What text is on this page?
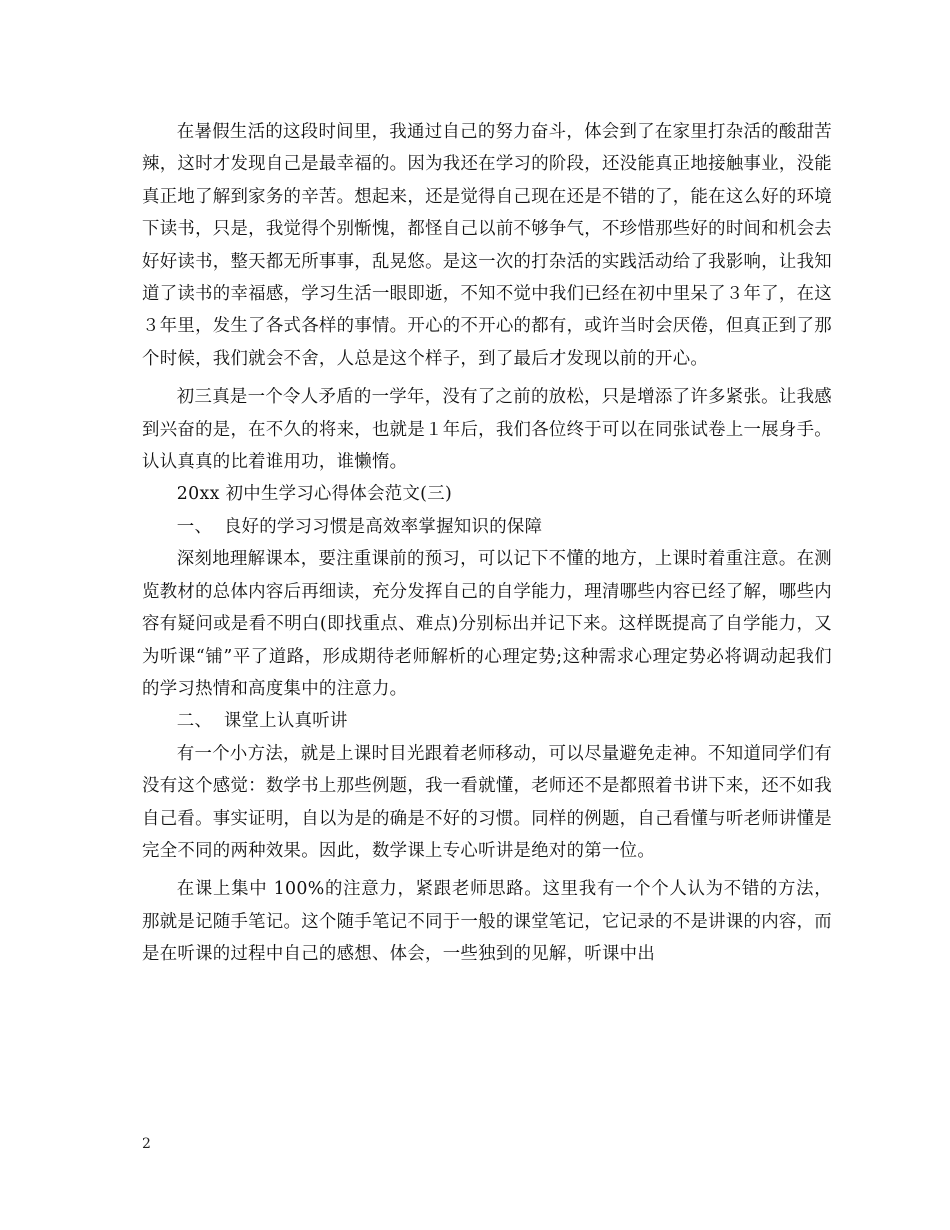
在暑假生活的这段时间里，我通过自己的努力奋斗，体会到了在家里打杂活的酸甜苦辣，这时才发现自己是最幸福的。因为我还在学习的阶段，还没能真正地接触事业，没能真正地了解到家务的辛苦。想起来，还是觉得自己现在还是不错的了，能在这么好的环境下读书，只是，我觉得个别惭愧，都怪自己以前不够争气，不珍惜那些好的时间和机会去好好读书，整天都无所事事，乱晃悠。是这一次的打杂活的实践活动给了我影响，让我知道了读书的幸福感，学习生活一眼即逝，不知不觉中我们已经在初中里呆了３年了，在这３年里，发生了各式各样的事情。开心的不开心的都有，或许当时会厌倦，但真正到了那个时候，我们就会不舍，人总是这个样子，到了最后才发现以前的开心。

初三真是一个令人矛盾的一学年，没有了之前的放松，只是增添了许多紧张。让我感到兴奋的是，在不久的将来，也就是１年后，我们各位终于可以在同张试卷上一展身手。认认真真的比着谁用功，谁懒惰。

20xx 初中生学习心得体会范文(三)

一、  良好的学习习惯是高效率掌握知识的保障

深刻地理解课本，要注重课前的预习，可以记下不懂的地方，上课时着重注意。在测览教材的总体内容后再细读，充分发挥自己的自学能力，理清哪些内容已经了解，哪些内容有疑问或是看不明白(即找重点、难点)分别标出并记下来。这样既提高了自学能力，又为听课“铺”平了道路，形成期待老师解析的心理定势;这种需求心理定势必将调动起我们的学习热情和高度集中的注意力。

二、  课堂上认真听讲

有一个小方法，就是上课时目光跟着老师移动，可以尽量避免走神。不知道同学们有没有这个感觉：数学书上那些例题，我一看就懂，老师还不是都照着书讲下来，还不如我自己看。事实证明，自以为是的确是不好的习惯。同样的例题，自己看懂与听老师讲懂是完全不同的两种效果。因此，数学课上专心听讲是绝对的第一位。

在课上集中 100%的注意力，紧跟老师思路。这里我有一个个人认为不错的方法，那就是记随手笔记。这个随手笔记不同于一般的课堂笔记，它记录的不是讲课的内容，而是在听课的过程中自己的感想、体会，一些独到的见解，听课中出

2
